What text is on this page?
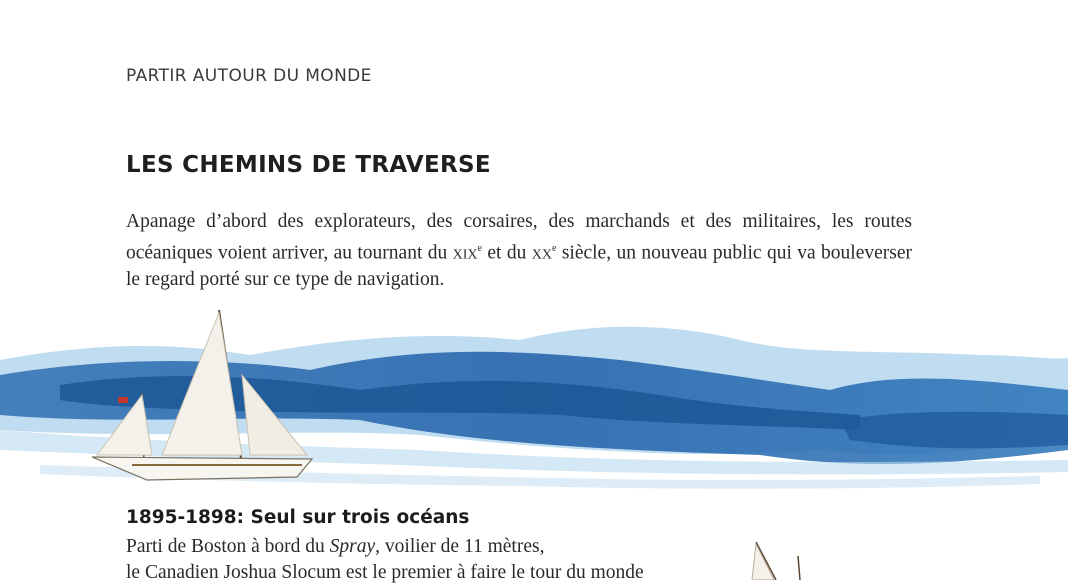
PARTIR AUTOUR DU MONDE
LES CHEMINS DE TRAVERSE

Apanage d’abord des explorateurs, des corsaires, des marchands et des militaires, les routes océaniques voient arriver, au tournant du xix$^e$ et du $xx^e$ siècle, un nouveau public qui va bouleverser le regard porté sur ce type de navigation.

1895-1898: Seul sur trois océans
Parti de Boston à bord du Spray, voilier de 11 mètres,
le Canadien Joshua Slocum est le premier à faire le tour du monde
